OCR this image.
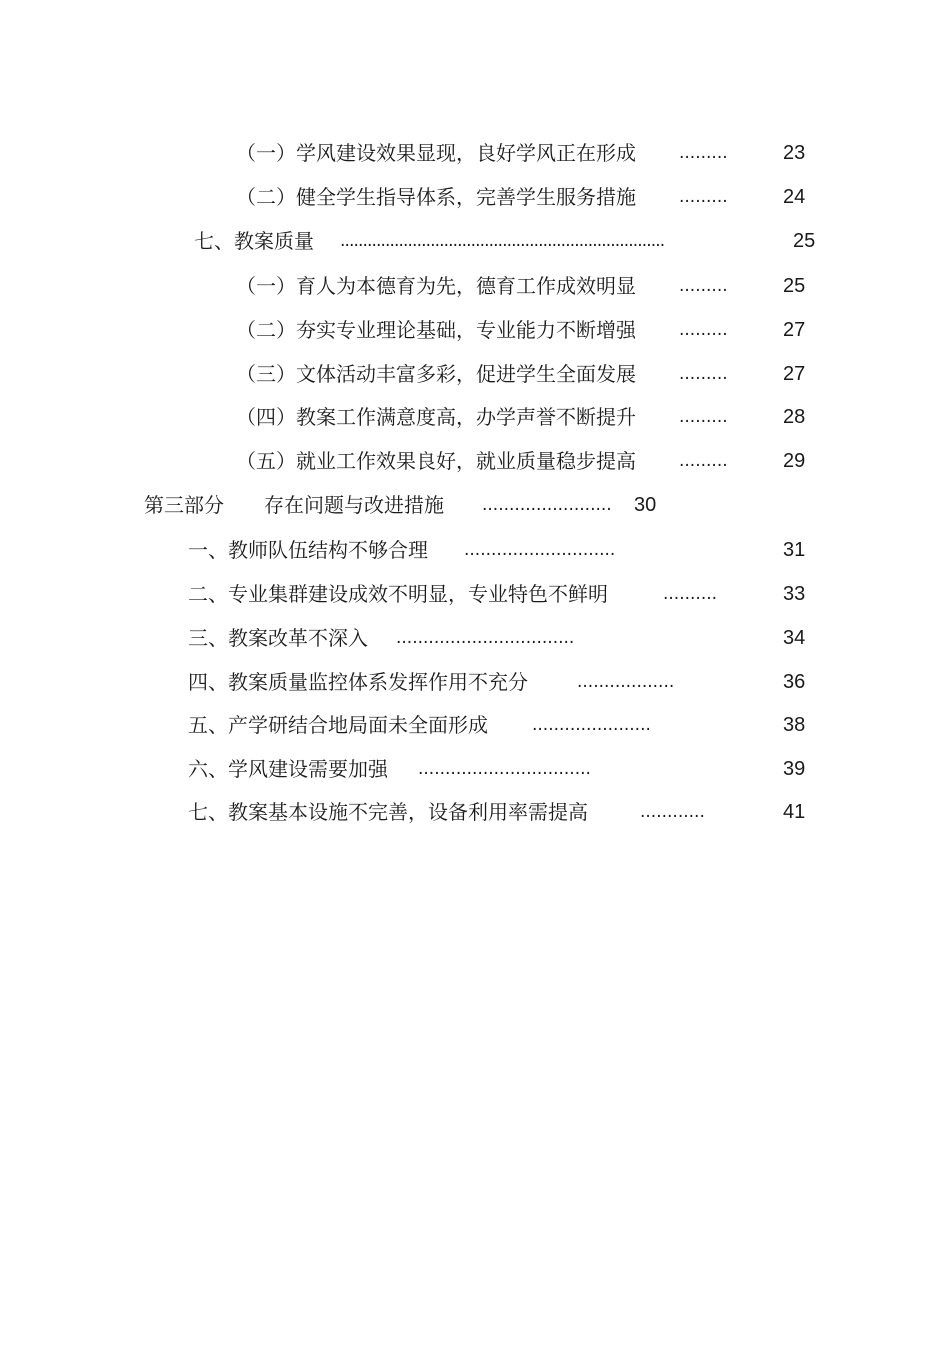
（一）学风建设效果显现，良好学风正在形成	.........	23
（二）健全学生指导体系，完善学生服务措施	.........	24
七、教案质量 ........................................................................	25
（一）育人为本德育为先，德育工作成效明显	.........	25
（二）夯实专业理论基础，专业能力不断增强	.........	27
（三）文体活动丰富多彩，促进学生全面发展	.........	27
（四）教案工作满意度高，办学声誉不断提升	.........	28
（五）就业工作效果良好，就业质量稳步提高	.........	29
第三部分 存在问题与改进措施 ........................ 30
一、教师队伍结构不够合理 ............................	31
二、专业集群建设成效不明显，专业特色不鲜明	..........	33
三、教案改革不深入 .................................	34
四、教案质量监控体系发挥作用不充分	..................	36
五、产学研结合地局面未全面形成	......................	38
六、学风建设需要加强 ................................	39
七、教案基本设施不完善，设备利用率需提高	............	41
